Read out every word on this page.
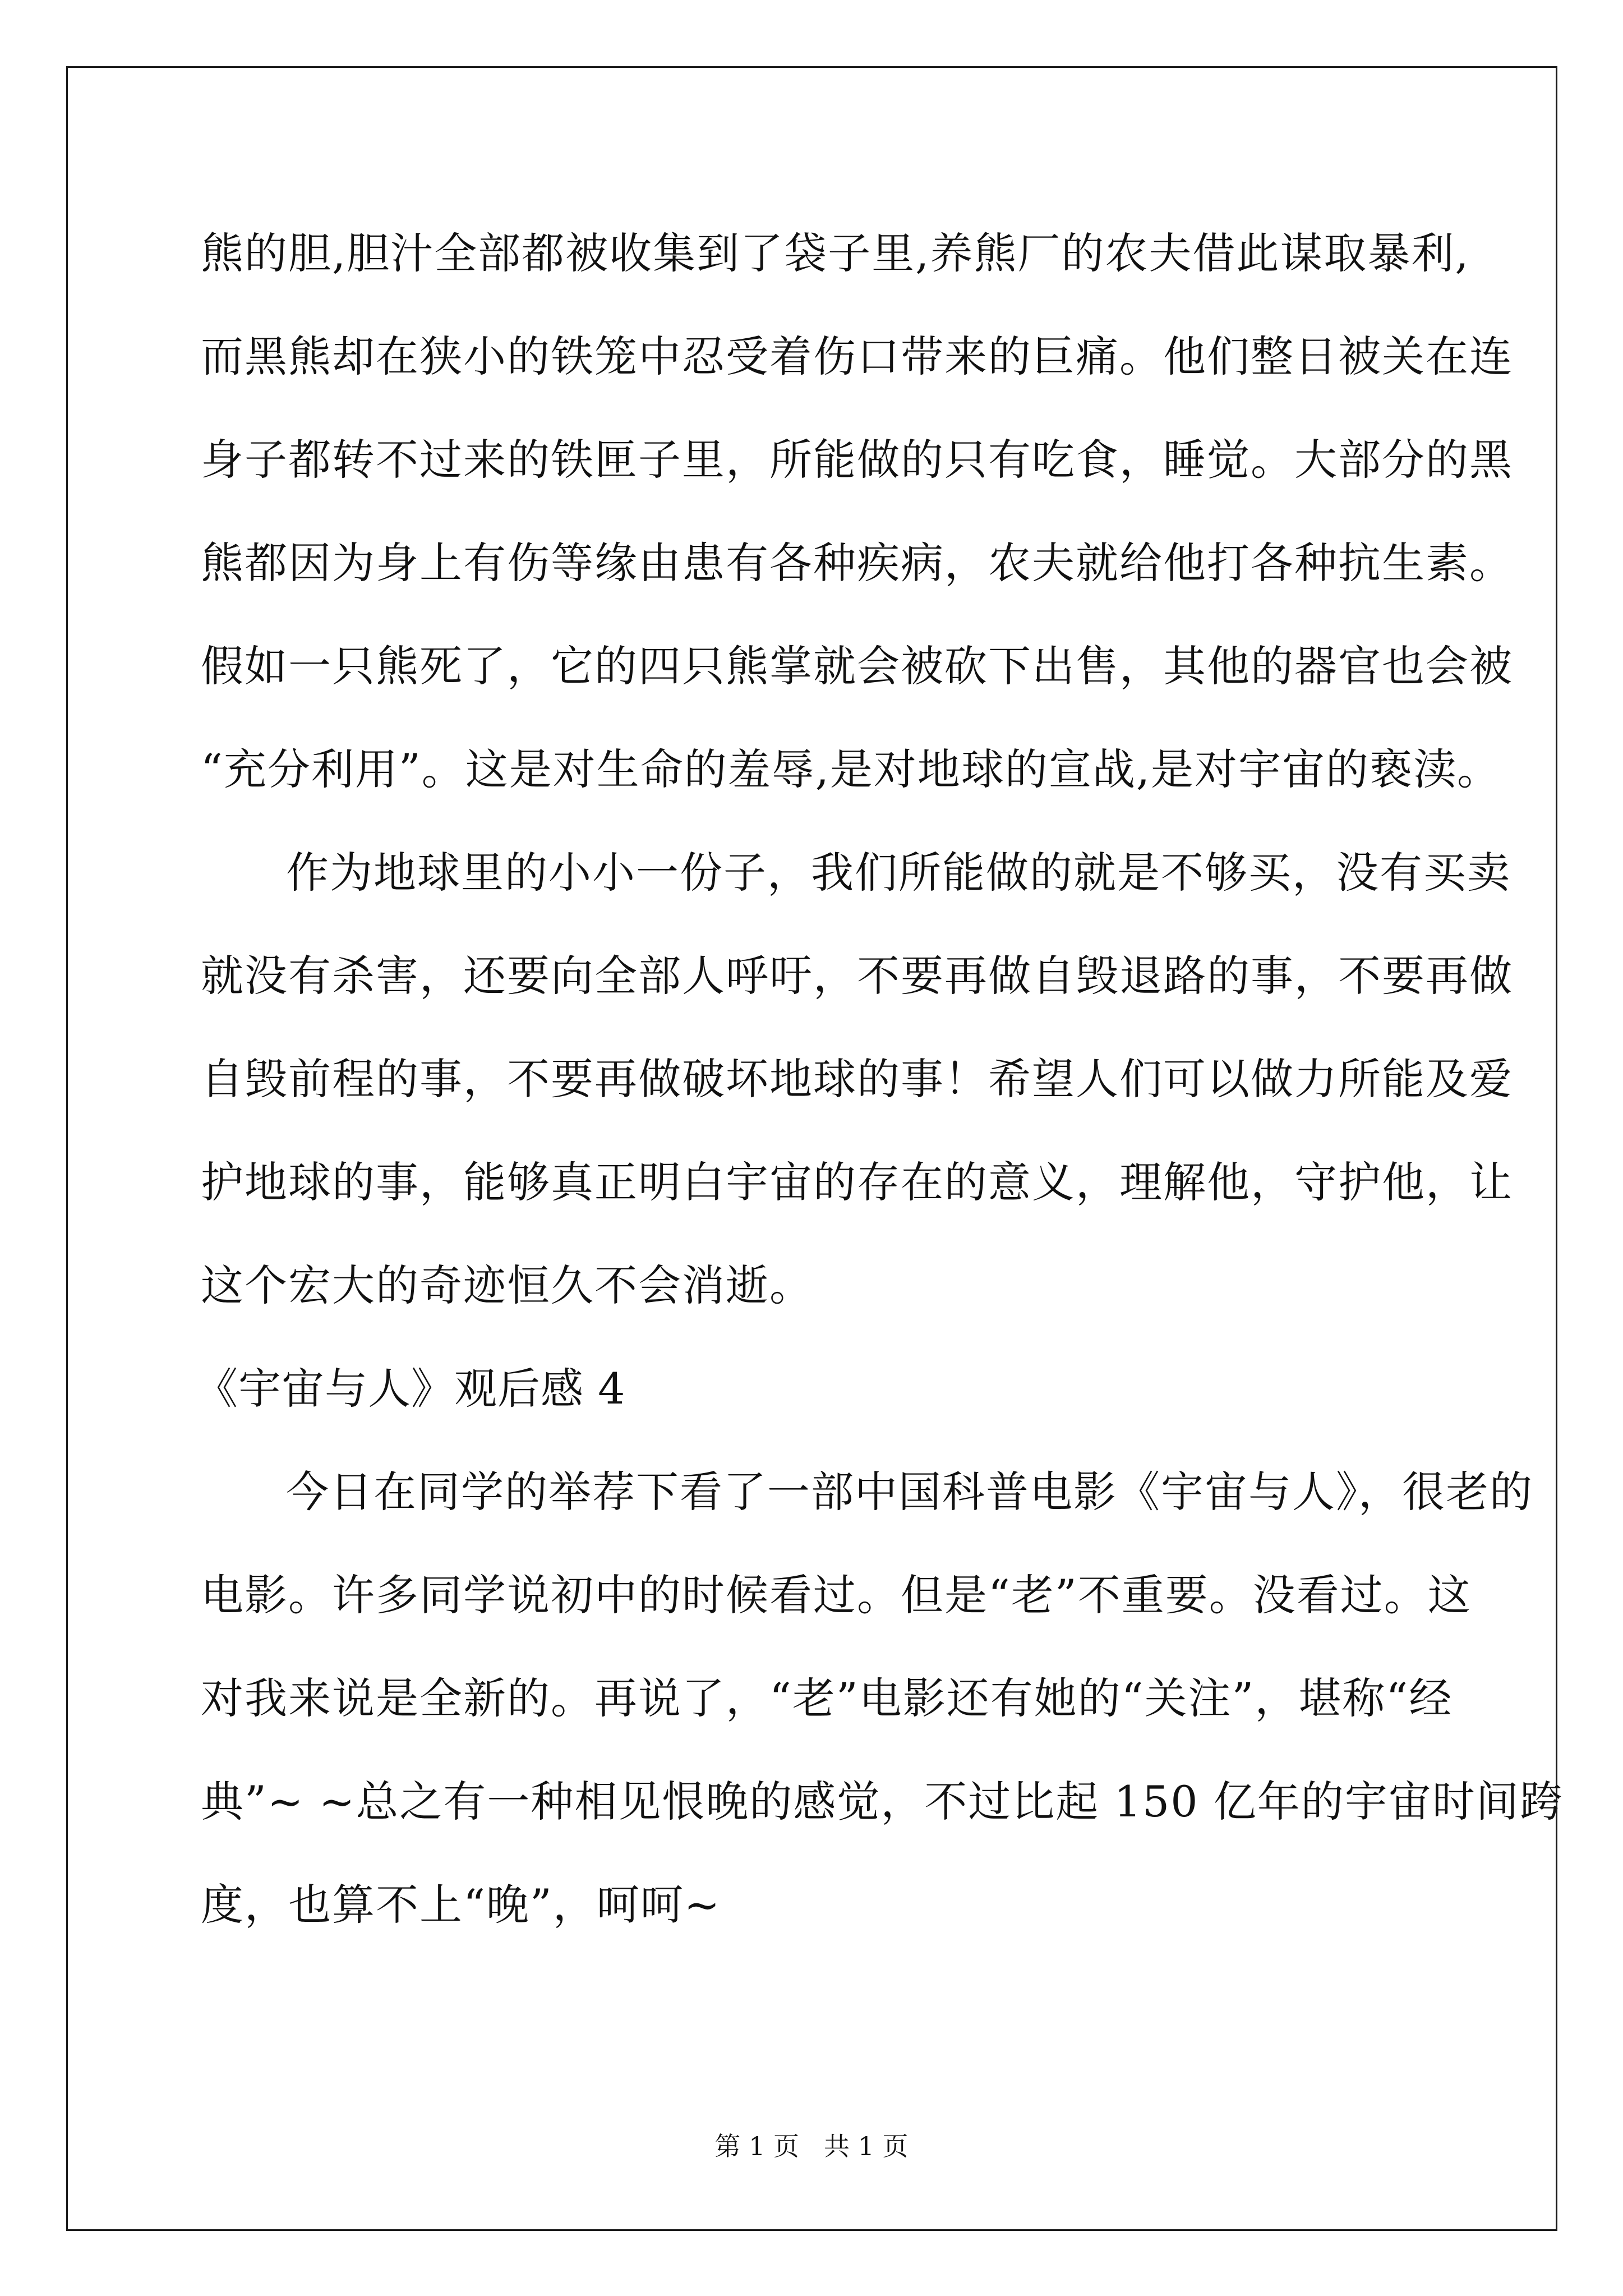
熊的胆,胆汁全部都被收集到了袋子里,养熊厂的农夫借此谋取暴利,
而黑熊却在狭小的铁笼中忍受着伤口带来的巨痛。他们整日被关在连
身子都转不过来的铁匣子里，所能做的只有吃食，睡觉。大部分的黑
熊都因为身上有伤等缘由患有各种疾病，农夫就给他打各种抗生素。
假如一只熊死了，它的四只熊掌就会被砍下出售，其他的器官也会被
“充分利用”。这是对生命的羞辱,是对地球的宣战,是对宇宙的亵渎。
作为地球里的小小一份子，我们所能做的就是不够买，没有买卖
就没有杀害，还要向全部人呼吁，不要再做自毁退路的事，不要再做
自毁前程的事，不要再做破坏地球的事！希望人们可以做力所能及爱
护地球的事，能够真正明白宇宙的存在的意义，理解他，守护他，让
这个宏大的奇迹恒久不会消逝。
《宇宙与人》观后感 4
今日在同学的举荐下看了一部中国科普电影《宇宙与人》，很老的
电影。许多同学说初中的时候看过。但是“老”不重要。没看过。这
对我来说是全新的。再说了，“老”电影还有她的“关注”，堪称“经
典”~ ~总之有一种相见恨晚的感觉，不过比起 150 亿年的宇宙时间跨
度，也算不上“晚”，呵呵~
第 1 页 共 1 页
